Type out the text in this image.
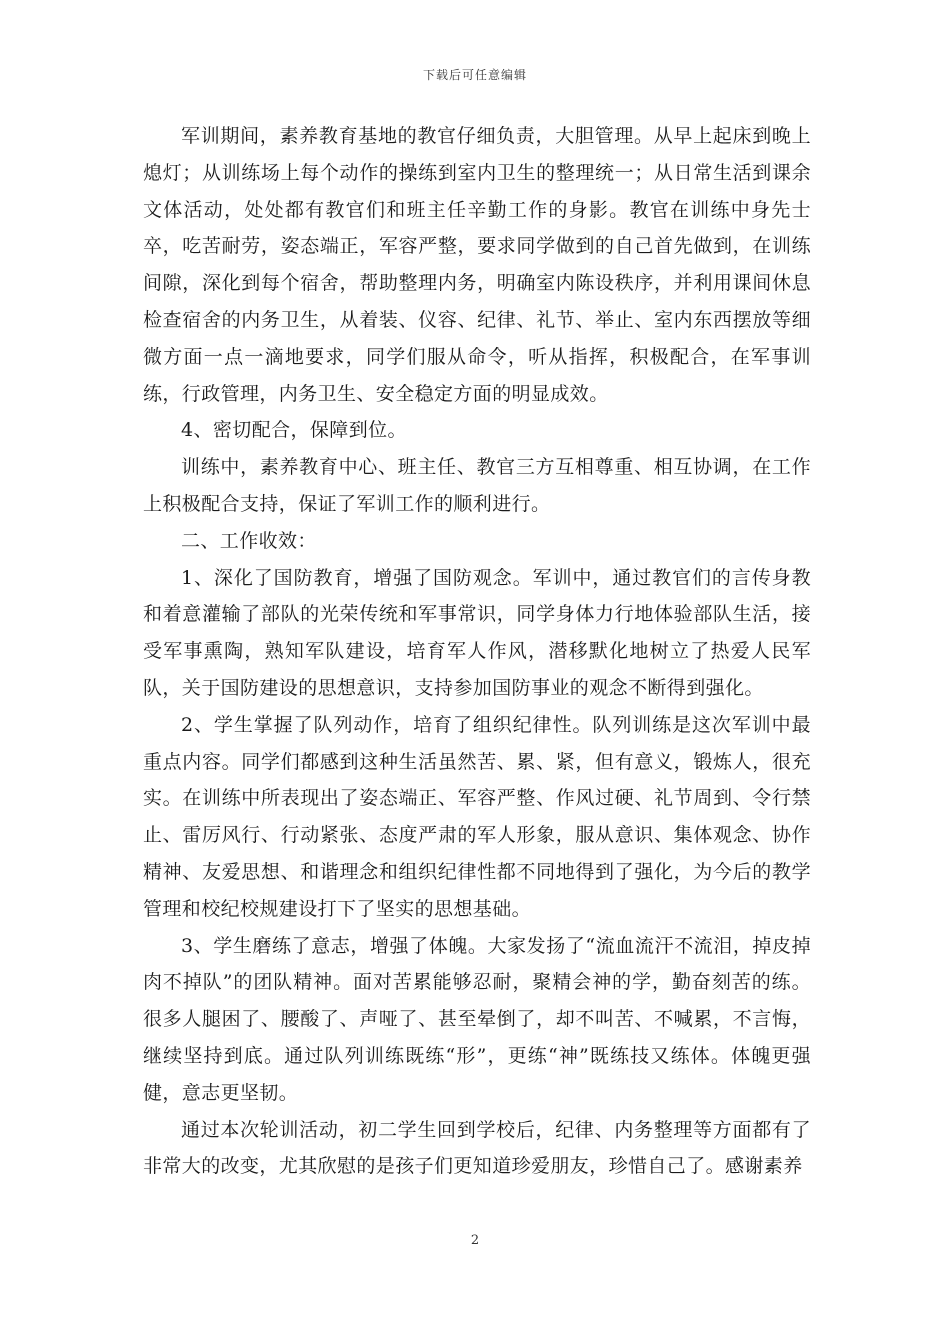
下载后可任意编辑

军训期间，素养教育基地的教官仔细负责，大胆管理。从早上起床到晚上熄灯；从训练场上每个动作的操练到室内卫生的整理统一；从日常生活到课余文体活动，处处都有教官们和班主任辛勤工作的身影。教官在训练中身先士卒，吃苦耐劳，姿态端正，军容严整，要求同学做到的自己首先做到，在训练间隙，深化到每个宿舍，帮助整理内务，明确室内陈设秩序，并利用课间休息检查宿舍的内务卫生，从着装、仪容、纪律、礼节、举止、室内东西摆放等细微方面一点一滴地要求，同学们服从命令，听从指挥，积极配合，在军事训练，行政管理，内务卫生、安全稳定方面的明显成效。

4、密切配合，保障到位。

训练中，素养教育中心、班主任、教官三方互相尊重、相互协调，在工作上积极配合支持，保证了军训工作的顺利进行。

二、工作收效：

1、深化了国防教育，增强了国防观念。军训中，通过教官们的言传身教和着意灌输了部队的光荣传统和军事常识，同学身体力行地体验部队生活，接受军事熏陶，熟知军队建设，培育军人作风，潜移默化地树立了热爱人民军队，关于国防建设的思想意识，支持参加国防事业的观念不断得到强化。

2、学生掌握了队列动作，培育了组织纪律性。队列训练是这次军训中最重点内容。同学们都感到这种生活虽然苦、累、紧，但有意义，锻炼人，很充实。在训练中所表现出了姿态端正、军容严整、作风过硬、礼节周到、令行禁止、雷厉风行、行动紧张、态度严肃的军人形象，服从意识、集体观念、协作精神、友爱思想、和谐理念和组织纪律性都不同地得到了强化，为今后的教学管理和校纪校规建设打下了坚实的思想基础。

3、学生磨练了意志，增强了体魄。大家发扬了“流血流汗不流泪，掉皮掉肉不掉队”的团队精神。面对苦累能够忍耐，聚精会神的学，勤奋刻苦的练。很多人腿困了、腰酸了、声哑了、甚至晕倒了，却不叫苦、不喊累，不言悔，继续坚持到底。通过队列训练既练“形”，更练“神”既练技又练体。体魄更强健，意志更坚韧。

通过本次轮训活动，初二学生回到学校后，纪律、内务整理等方面都有了非常大的改变，尤其欣慰的是孩子们更知道珍爱朋友，珍惜自己了。感谢素养

2
